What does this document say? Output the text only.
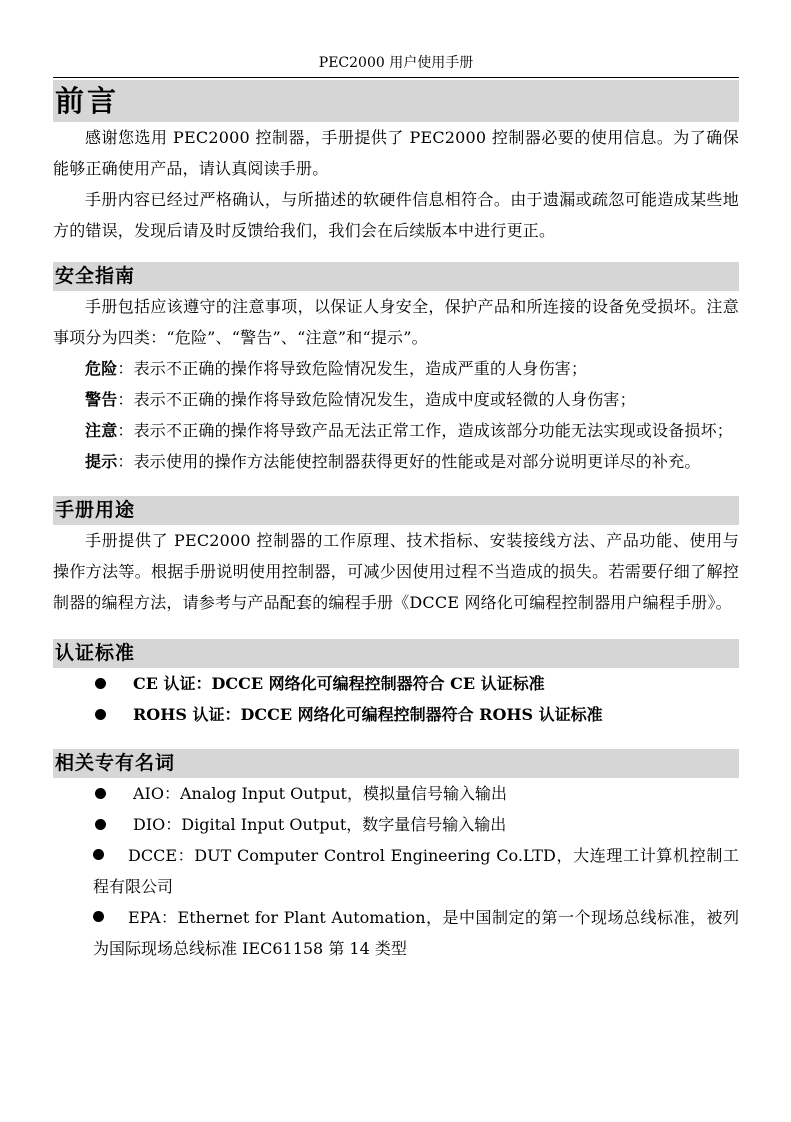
PEC2000 用户使用手册
前言

感谢您选用 PEC2000 控制器，手册提供了 PEC2000 控制器必要的使用信息。为了确保能够正确使用产品，请认真阅读手册。

手册内容已经过严格确认，与所描述的软硬件信息相符合。由于遗漏或疏忽可能造成某些地方的错误，发现后请及时反馈给我们，我们会在后续版本中进行更正。

安全指南

手册包括应该遵守的注意事项，以保证人身安全，保护产品和所连接的设备免受损坏。注意事项分为四类：“危险”、“警告”、“注意”和“提示”。

危险：表示不正确的操作将导致危险情况发生，造成严重的人身伤害；

警告：表示不正确的操作将导致危险情况发生，造成中度或轻微的人身伤害；

注意：表示不正确的操作将导致产品无法正常工作，造成该部分功能无法实现或设备损坏；

提示：表示使用的操作方法能使控制器获得更好的性能或是对部分说明更详尽的补充。

手册用途

手册提供了 PEC2000 控制器的工作原理、技术指标、安装接线方法、产品功能、使用与操作方法等。根据手册说明使用控制器，可减少因使用过程不当造成的损失。若需要仔细了解控制器的编程方法，请参考与产品配套的编程手册《DCCE 网络化可编程控制器用户编程手册》。

认证标准
CE 认证：DCCE 网络化可编程控制器符合 CE 认证标准
ROHS 认证：DCCE 网络化可编程控制器符合 ROHS 认证标准
相关专有名词
AIO：Analog Input Output，模拟量信号输入输出
DIO：Digital Input Output，数字量信号输入输出

DCCE：DUT Computer Control Engineering Co.LTD，大连理工计算机控制工程有限公司

EPA：Ethernet for Plant Automation，是中国制定的第一个现场总线标准，被列为国际现场总线标准 IEC61158 第 14 类型
